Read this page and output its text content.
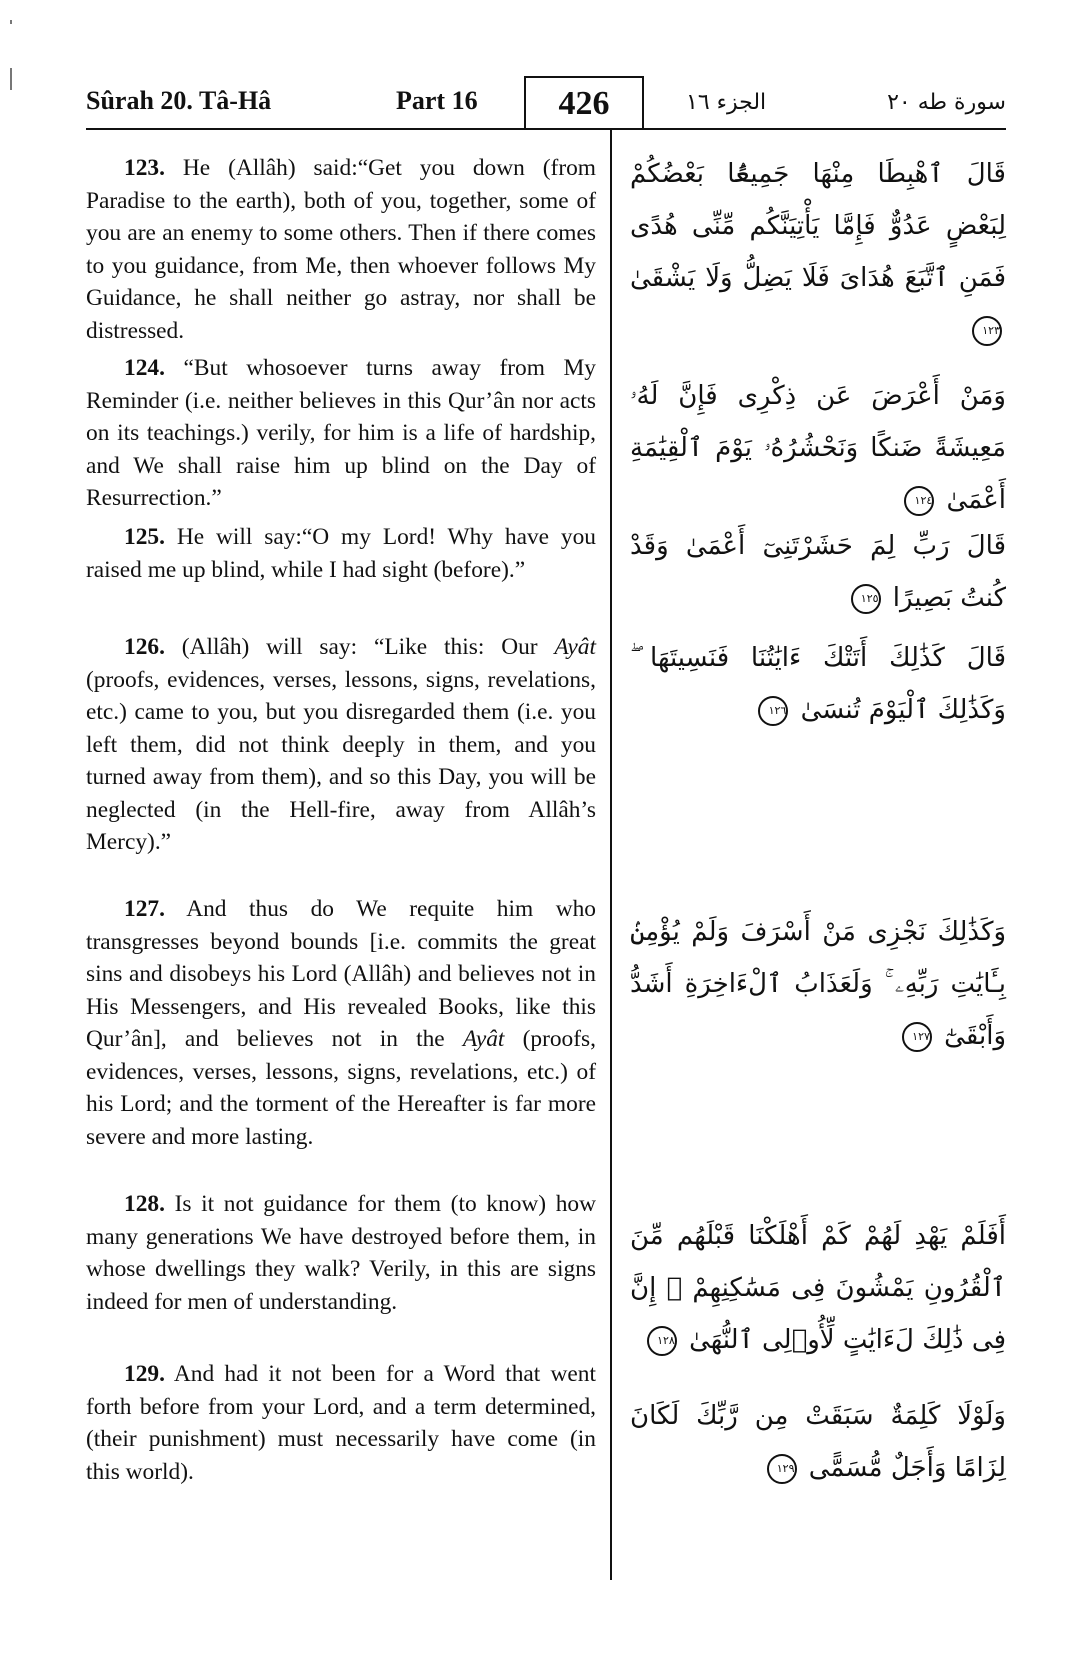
Sûrah 20. Tâ-Hâ	Part 16	426	الجزء ١٦	سورة طه ٢٠

123. He (Allâh) said:“Get you down (from Paradise to the earth), both of you, together, some of you are an enemy to some others. Then if there comes to you guidance, from Me, then whoever follows My Guidance, he shall neither go astray, nor shall be distressed.

قَالَ ٱهْبِطَا مِنْهَا جَمِيعًۢا بَعْضُكُمْ لِبَعْضٍ عَدُوٌّ فَإِمَّا يَأْتِيَنَّكُم مِّنِّى هُدًى فَمَنِ ٱتَّبَعَ هُدَاىَ فَلَا يَضِلُّ وَلَا يَشْقَىٰ ١٢٣

124. “But whosoever turns away from My Reminder (i.e. neither believes in this Qur’ân nor acts on its teachings.) verily, for him is a life of hardship, and We shall raise him up blind on the Day of Resurrection.”

وَمَنْ أَعْرَضَ عَن ذِكْرِى فَإِنَّ لَهُۥ مَعِيشَةً ضَنكًا وَنَحْشُرُهُۥ يَوْمَ ٱلْقِيَٰمَةِ أَعْمَىٰ ١٢٤

125. He will say:“O my Lord! Why have you raised me up blind, while I had sight (before).”

قَالَ رَبِّ لِمَ حَشَرْتَنِىٓ أَعْمَىٰ وَقَدْ كُنتُ بَصِيرًا ١٢٥

126. (Allâh) will say: “Like this: Our Ayât (proofs, evidences, verses, lessons, signs, revelations, etc.) came to you, but you disregarded them (i.e. you left them, did not think deeply in them, and you turned away from them), and so this Day, you will be neglected (in the Hell-fire, away from Allâh’s Mercy).”

قَالَ كَذَٰلِكَ أَتَتْكَ ءَايَٰتُنَا فَنَسِيتَهَا ۖ وَكَذَٰلِكَ ٱلْيَوْمَ تُنسَىٰ ١٢٦

127. And thus do We requite him who transgresses beyond bounds [i.e. commits the great sins and disobeys his Lord (Allâh) and believes not in His Messengers, and His revealed Books, like this Qur’ân], and believes not in the Ayât (proofs, evidences, verses, lessons, signs, revelations, etc.) of his Lord; and the torment of the Hereafter is far more severe and more lasting.

وَكَذَٰلِكَ نَجْزِى مَنْ أَسْرَفَ وَلَمْ يُؤْمِنۢ بِـَٔايَٰتِ رَبِّهِۦ ۚ وَلَعَذَابُ ٱلْءَاخِرَةِ أَشَدُّ وَأَبْقَىٰٓ ١٢٧

128. Is it not guidance for them (to know) how many generations We have destroyed before them, in whose dwellings they walk? Verily, in this are signs indeed for men of understanding.

أَفَلَمْ يَهْدِ لَهُمْ كَمْ أَهْلَكْنَا قَبْلَهُم مِّنَ ٱلْقُرُونِ يَمْشُونَ فِى مَسَٰكِنِهِمْ ۗ إِنَّ فِى ذَٰلِكَ لَءَايَٰتٍ لِّأُو۟لِى ٱلنُّهَىٰ ١٢٨

129. And had it not been for a Word that went forth before from your Lord, and a term determined, (their punishment) must necessarily have come (in this world).

وَلَوْلَا كَلِمَةٌ سَبَقَتْ مِن رَّبِّكَ لَكَانَ لِزَامًا وَأَجَلٌ مُّسَمًّى ١٢٩
